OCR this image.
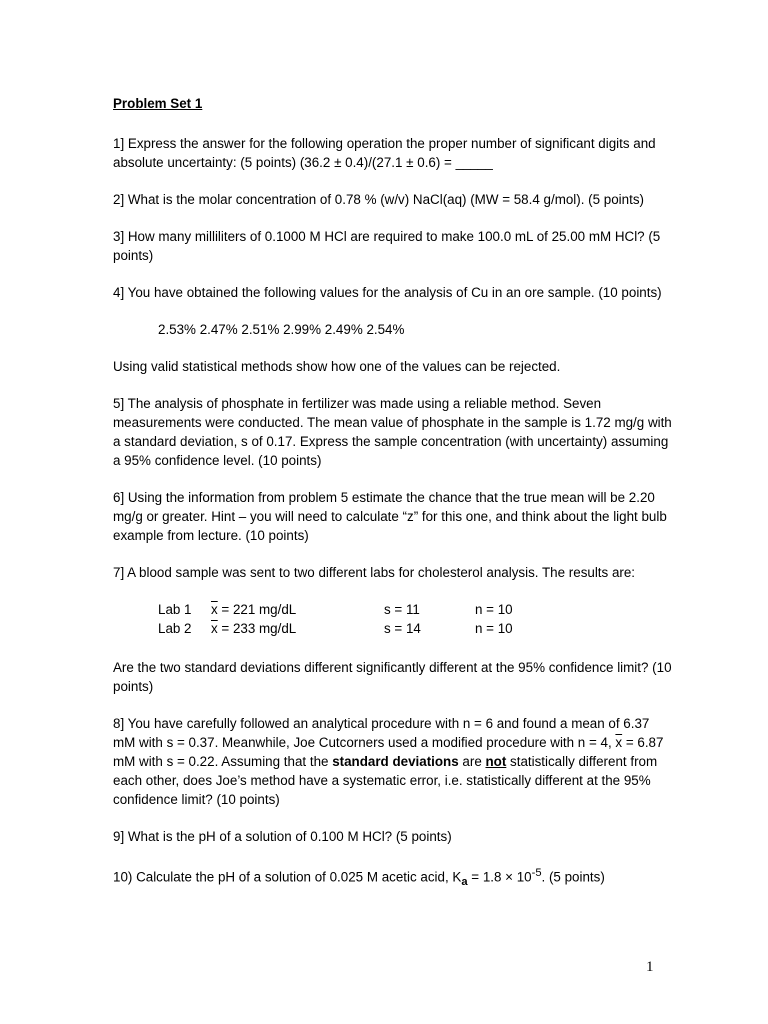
Problem Set 1

1] Express the answer for the following operation the proper number of significant digits and absolute uncertainty: (5 points) (36.2 ± 0.4)/(27.1 ± 0.6) = _____

2] What is the molar concentration of 0.78 % (w/v) NaCl(aq) (MW = 58.4 g/mol). (5 points)

3] How many milliliters of 0.1000 M HCl are required to make 100.0 mL of 25.00 mM HCl? (5 points)

4] You have obtained the following values for the analysis of Cu in an ore sample. (10 points)

2.53% 2.47% 2.51% 2.99% 2.49% 2.54%

Using valid statistical methods show how one of the values can be rejected.

5] The analysis of phosphate in fertilizer was made using a reliable method. Seven measurements were conducted. The mean value of phosphate in the sample is 1.72 mg/g with a standard deviation, s of 0.17. Express the sample concentration (with uncertainty) assuming a 95% confidence level. (10 points)

6] Using the information from problem 5 estimate the chance that the true mean will be 2.20 mg/g or greater. Hint – you will need to calculate “z” for this one, and think about the light bulb example from lecture. (10 points)

7] A blood sample was sent to two different labs for cholesterol analysis. The results are:

Lab 1	$\overline{x} = 221$ mg/dL	s = 11	n = 10
Lab 2	$\overline{x} = 233$ mg/dL	s = 14	n = 10

Are the two standard deviations different significantly different at the 95% confidence limit? (10 points)

8] You have carefully followed an analytical procedure with n = 6 and found a mean of 6.37 mM with s = 0.37. Meanwhile, Joe Cutcorners used a modified procedure with n = 4, $\overline{x} = 6.87$ mM with s = 0.22. Assuming that the standard deviations are not statistically different from each other, does Joe’s method have a systematic error, i.e. statistically different at the 95% confidence limit? (10 points)

9] What is the pH of a solution of 0.100 M HCl? (5 points)

10) Calculate the pH of a solution of 0.025 M acetic acid, $K_a = 1.8 \times 10^{-5}$. (5 points)

1
